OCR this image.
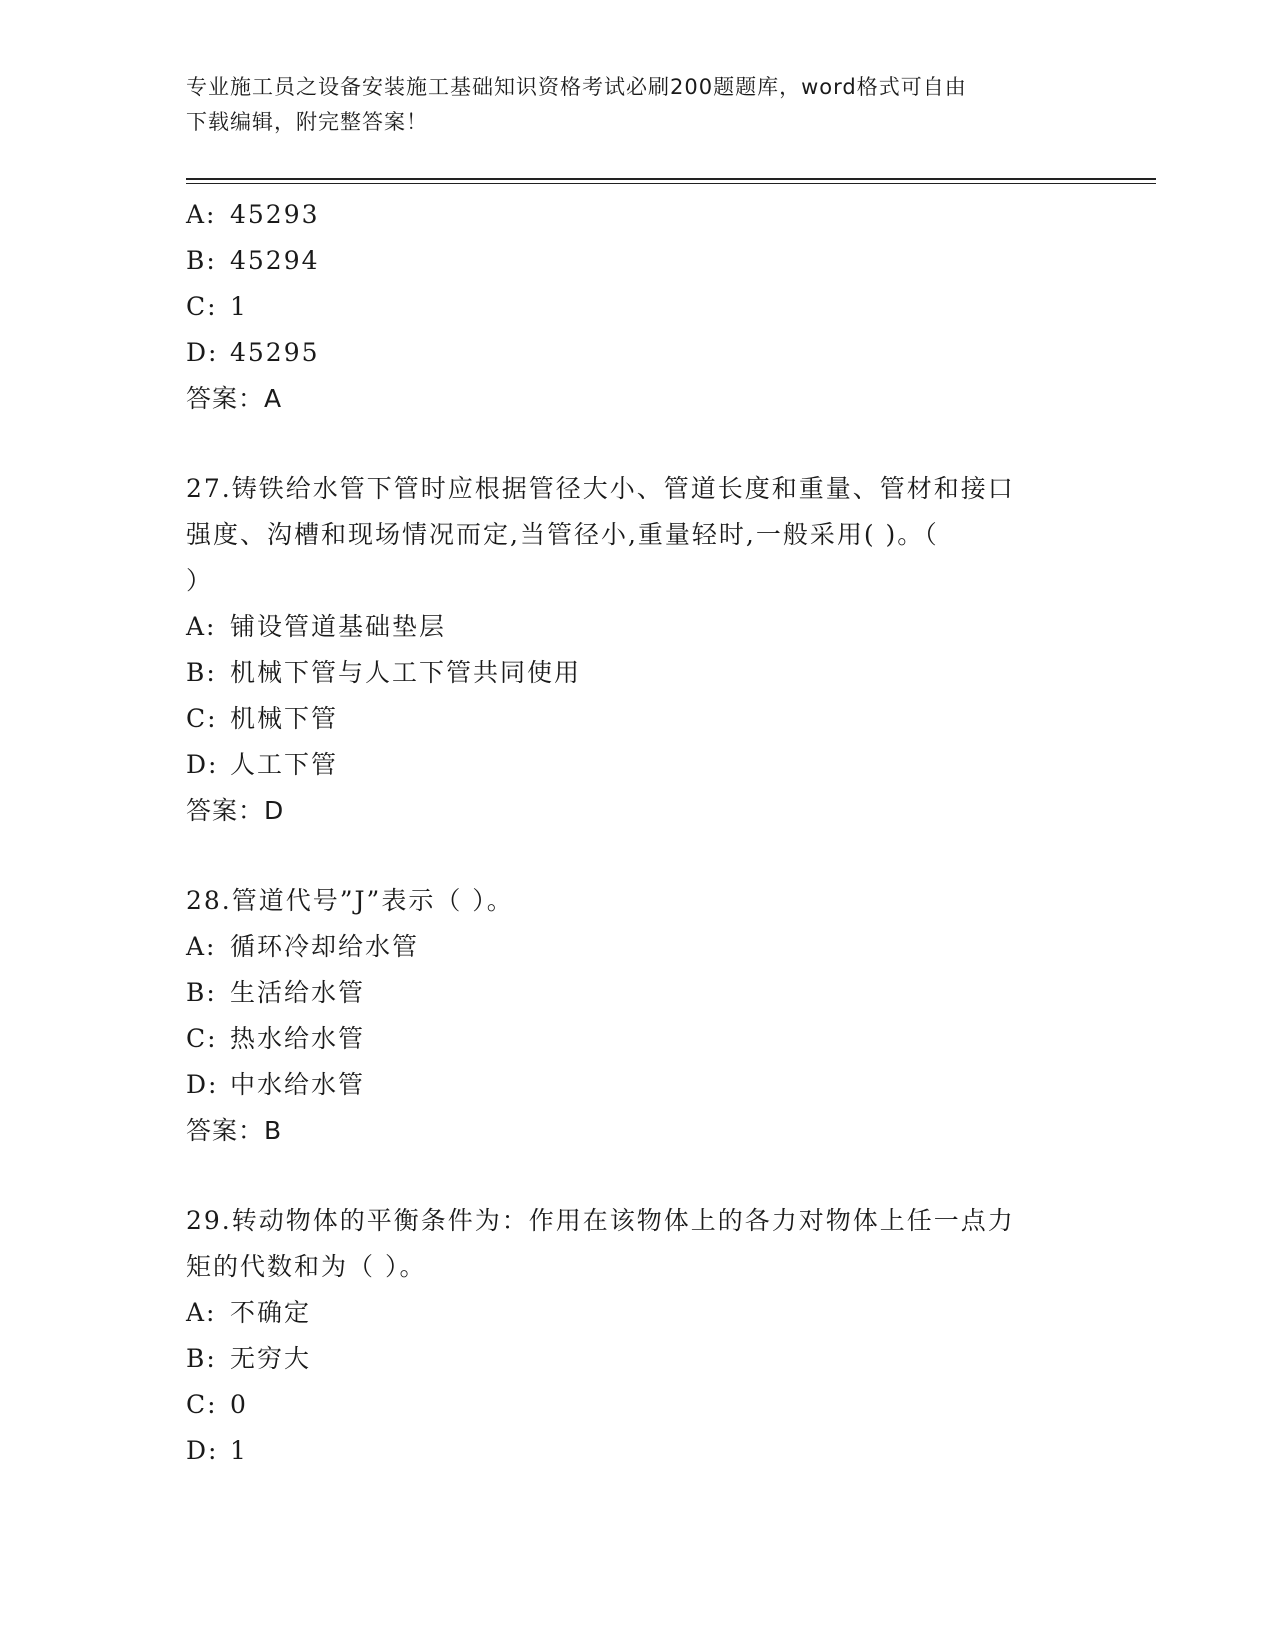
专业施工员之设备安装施工基础知识资格考试必刷200题题库，word格式可自由
下载编辑，附完整答案！
A: 45293
B: 45294
C: 1
D: 45295
答案：A
27.铸铁给水管下管时应根据管径大小、管道长度和重量、管材和接口
强度、沟槽和现场情况而定,当管径小,重量轻时,一般采用( )。（
）
A: 铺设管道基础垫层
B: 机械下管与人工下管共同使用
C: 机械下管
D: 人工下管
答案：D
28.管道代号”J”表示（ ）。
A: 循环冷却给水管
B: 生活给水管
C: 热水给水管
D: 中水给水管
答案：B
29.转动物体的平衡条件为：作用在该物体上的各力对物体上任一点力
矩的代数和为（ ）。
A: 不确定
B: 无穷大
C: 0
D: 1
